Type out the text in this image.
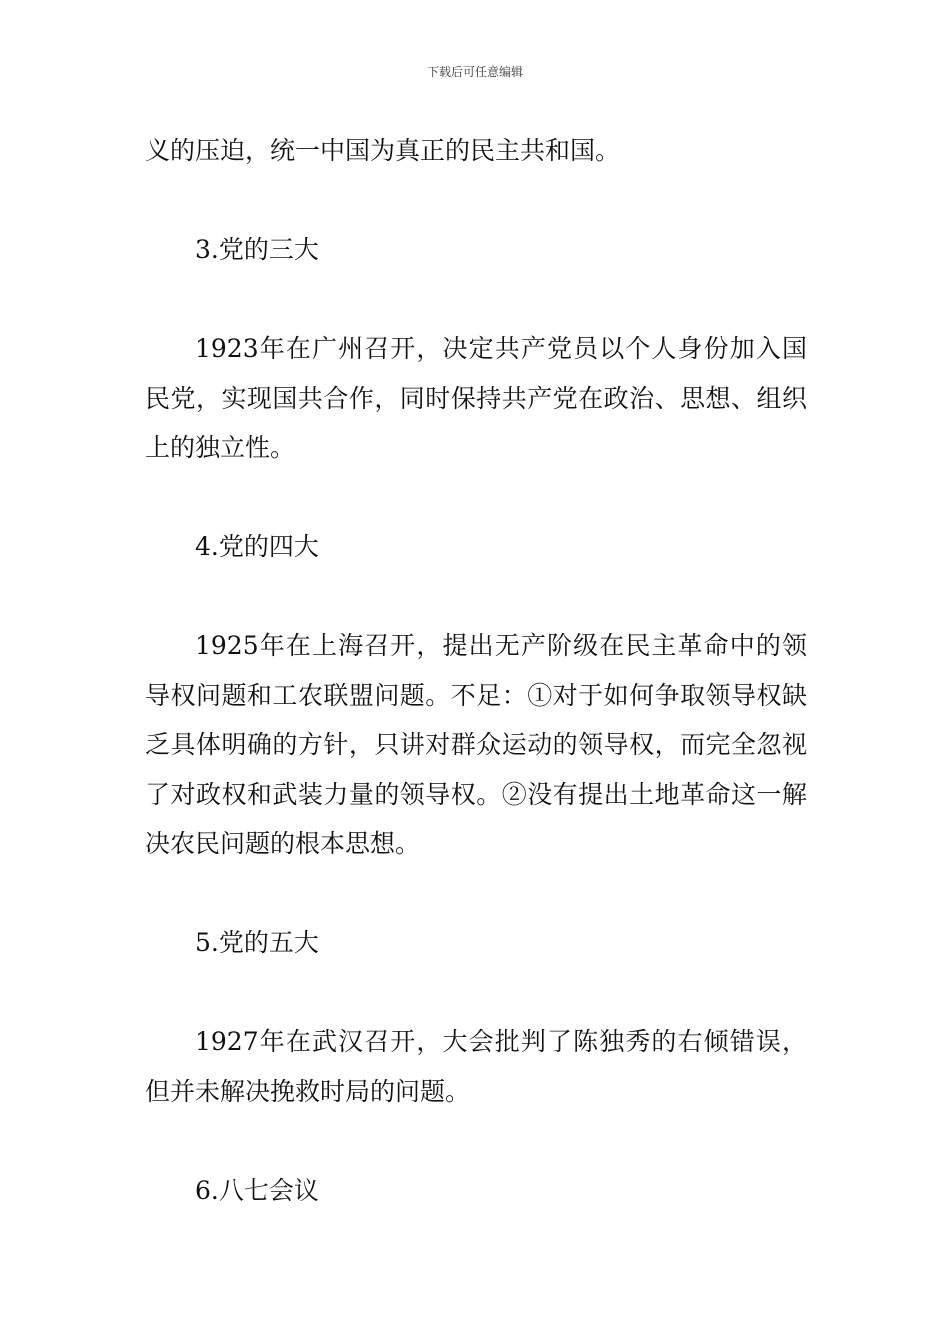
下载后可任意编辑

义的压迫，统一中国为真正的民主共和国。

3.党的三大

1923年在广州召开，决定共产党员以个人身份加入国民党，实现国共合作，同时保持共产党在政治、思想、组织上的独立性。

4.党的四大

1925年在上海召开，提出无产阶级在民主革命中的领导权问题和工农联盟问题。不足：①对于如何争取领导权缺乏具体明确的方针，只讲对群众运动的领导权，而完全忽视了对政权和武装力量的领导权。②没有提出土地革命这一解决农民问题的根本思想。

5.党的五大

1927年在武汉召开，大会批判了陈独秀的右倾错误，但并未解决挽救时局的问题。

6.八七会议
